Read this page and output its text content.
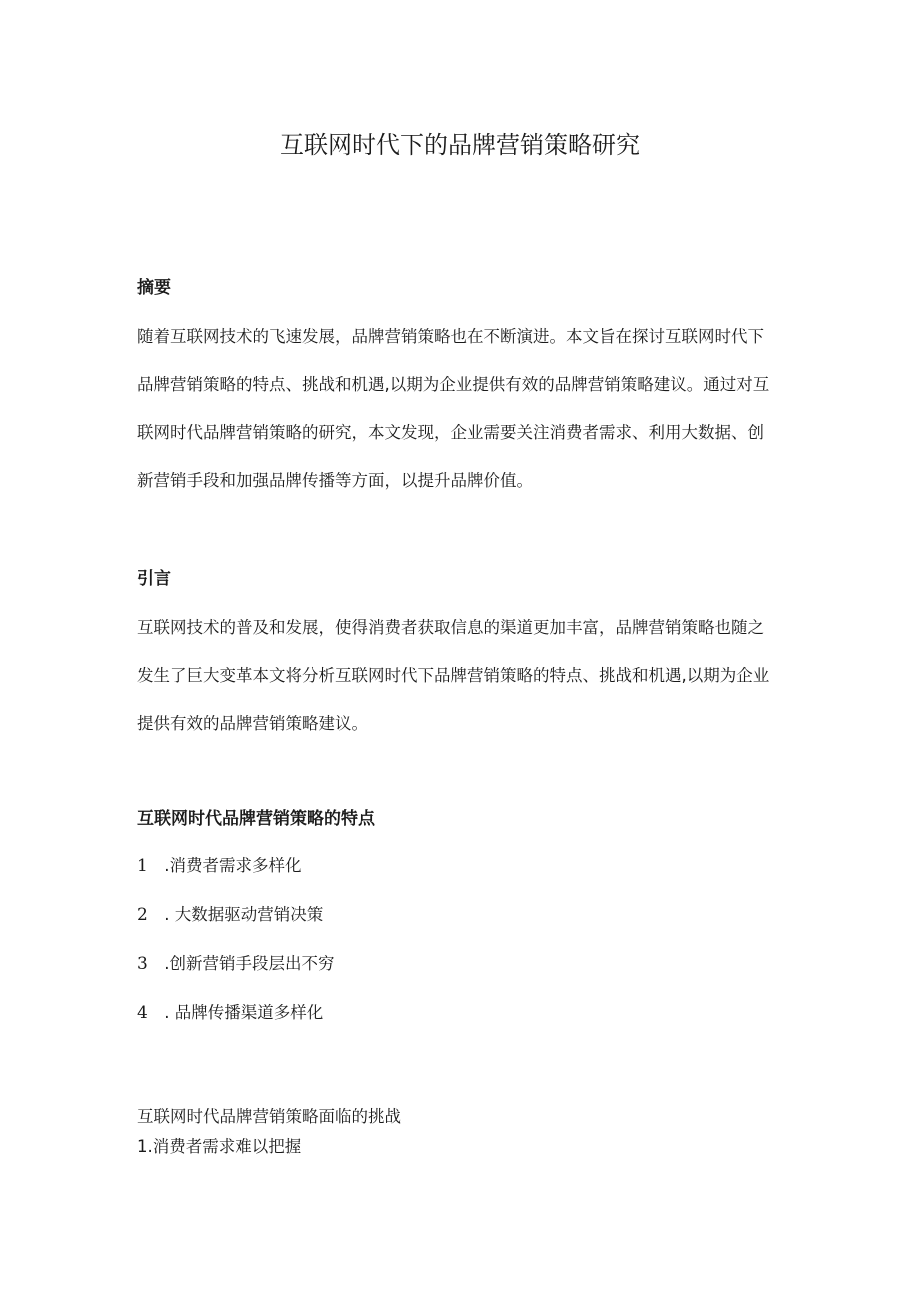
互联网时代下的品牌营销策略研究
摘要

随着互联网技术的飞速发展，品牌营销策略也在不断演进。本文旨在探讨互联网时代下
品牌营销策略的特点、挑战和机遇,以期为企业提供有效的品牌营销策略建议。通过对互
联网时代品牌营销策略的研究，本文发现，企业需要关注消费者需求、利用大数据、创
新营销手段和加强品牌传播等方面，以提升品牌价值。

引言

互联网技术的普及和发展，使得消费者获取信息的渠道更加丰富，品牌营销策略也随之
发生了巨大变革本文将分析互联网时代下品牌营销策略的特点、挑战和机遇,以期为企业
提供有效的品牌营销策略建议。

互联网时代品牌营销策略的特点
1 .消费者需求多样化
2 . 大数据驱动营销决策
3 .创新营销手段层出不穷
4 . 品牌传播渠道多样化

互联网时代品牌营销策略面临的挑战

1.消费者需求难以把握
